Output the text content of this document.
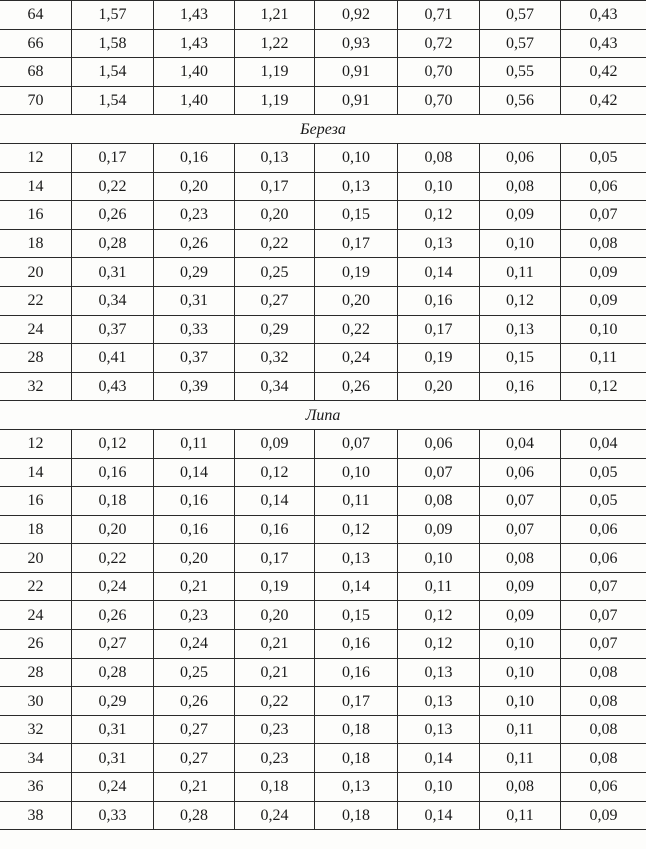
64	1,57	1,43	1,21	0,92	0,71	0,57	0,43
66	1,58	1,43	1,22	0,93	0,72	0,57	0,43
68	1,54	1,40	1,19	0,91	0,70	0,55	0,42
70	1,54	1,40	1,19	0,91	0,70	0,56	0,42
Береза							
12	0,17	0,16	0,13	0,10	0,08	0,06	0,05
14	0,22	0,20	0,17	0,13	0,10	0,08	0,06
16	0,26	0,23	0,20	0,15	0,12	0,09	0,07
18	0,28	0,26	0,22	0,17	0,13	0,10	0,08
20	0,31	0,29	0,25	0,19	0,14	0,11	0,09
22	0,34	0,31	0,27	0,20	0,16	0,12	0,09
24	0,37	0,33	0,29	0,22	0,17	0,13	0,10
28	0,41	0,37	0,32	0,24	0,19	0,15	0,11
32	0,43	0,39	0,34	0,26	0,20	0,16	0,12
Липа							
12	0,12	0,11	0,09	0,07	0,06	0,04	0,04
14	0,16	0,14	0,12	0,10	0,07	0,06	0,05
16	0,18	0,16	0,14	0,11	0,08	0,07	0,05
18	0,20	0,16	0,16	0,12	0,09	0,07	0,06
20	0,22	0,20	0,17	0,13	0,10	0,08	0,06
22	0,24	0,21	0,19	0,14	0,11	0,09	0,07
24	0,26	0,23	0,20	0,15	0,12	0,09	0,07
26	0,27	0,24	0,21	0,16	0,12	0,10	0,07
28	0,28	0,25	0,21	0,16	0,13	0,10	0,08
30	0,29	0,26	0,22	0,17	0,13	0,10	0,08
32	0,31	0,27	0,23	0,18	0,13	0,11	0,08
34	0,31	0,27	0,23	0,18	0,14	0,11	0,08
36	0,24	0,21	0,18	0,13	0,10	0,08	0,06
38	0,33	0,28	0,24	0,18	0,14	0,11	0,09
